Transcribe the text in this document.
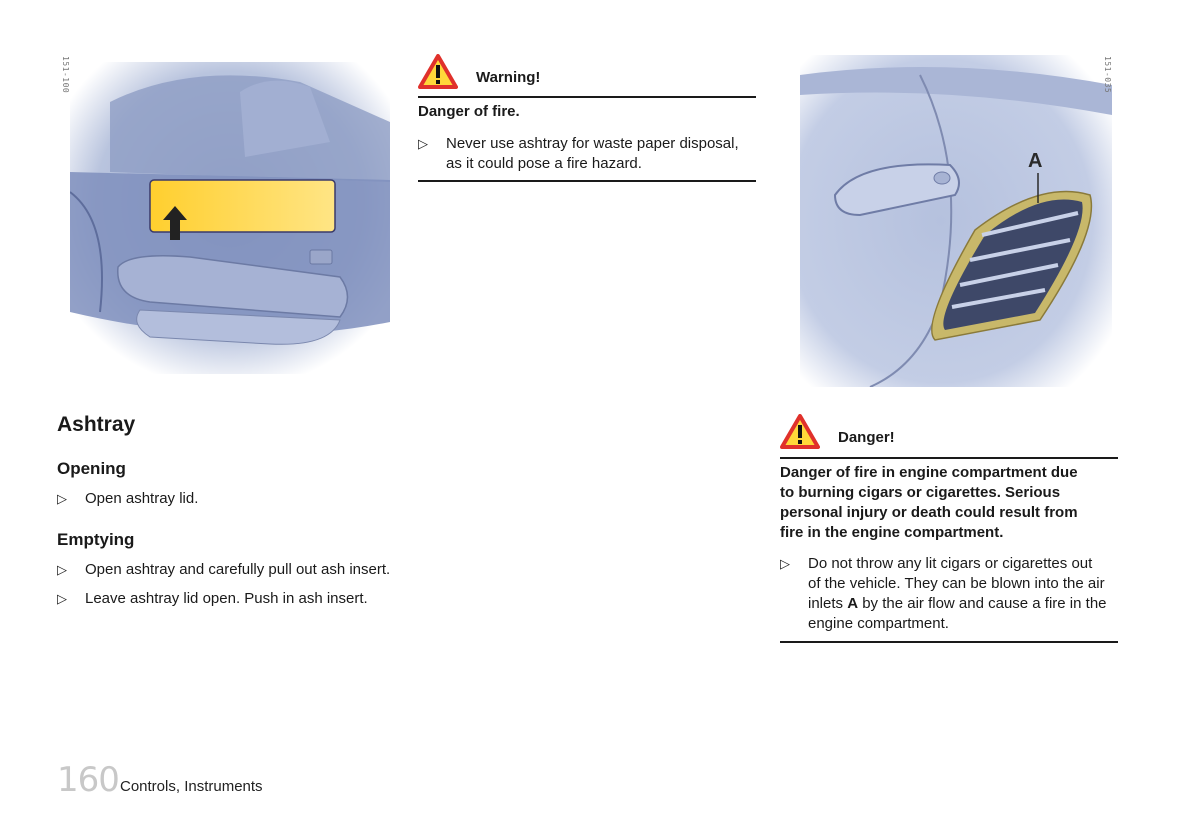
151-100
A
151-035
Warning!
Danger of fire.
▷ Never use ashtray for waste paper disposal,
as it could pose a fire hazard.
Ashtray
Opening
▷ Open ashtray lid.
Emptying
▷ Open ashtray and carefully pull out ash insert.
▷ Leave ashtray lid open. Push in ash insert.
Danger!
Danger of fire in engine compartment due
to burning cigars or cigarettes. Serious
personal injury or death could result from
fire in the engine compartment.
▷ Do not throw any lit cigars or cigarettes out
of the vehicle. They can be blown into the air
inlets A by the air flow and cause a fire in the
engine compartment.
160 Controls, Instruments
